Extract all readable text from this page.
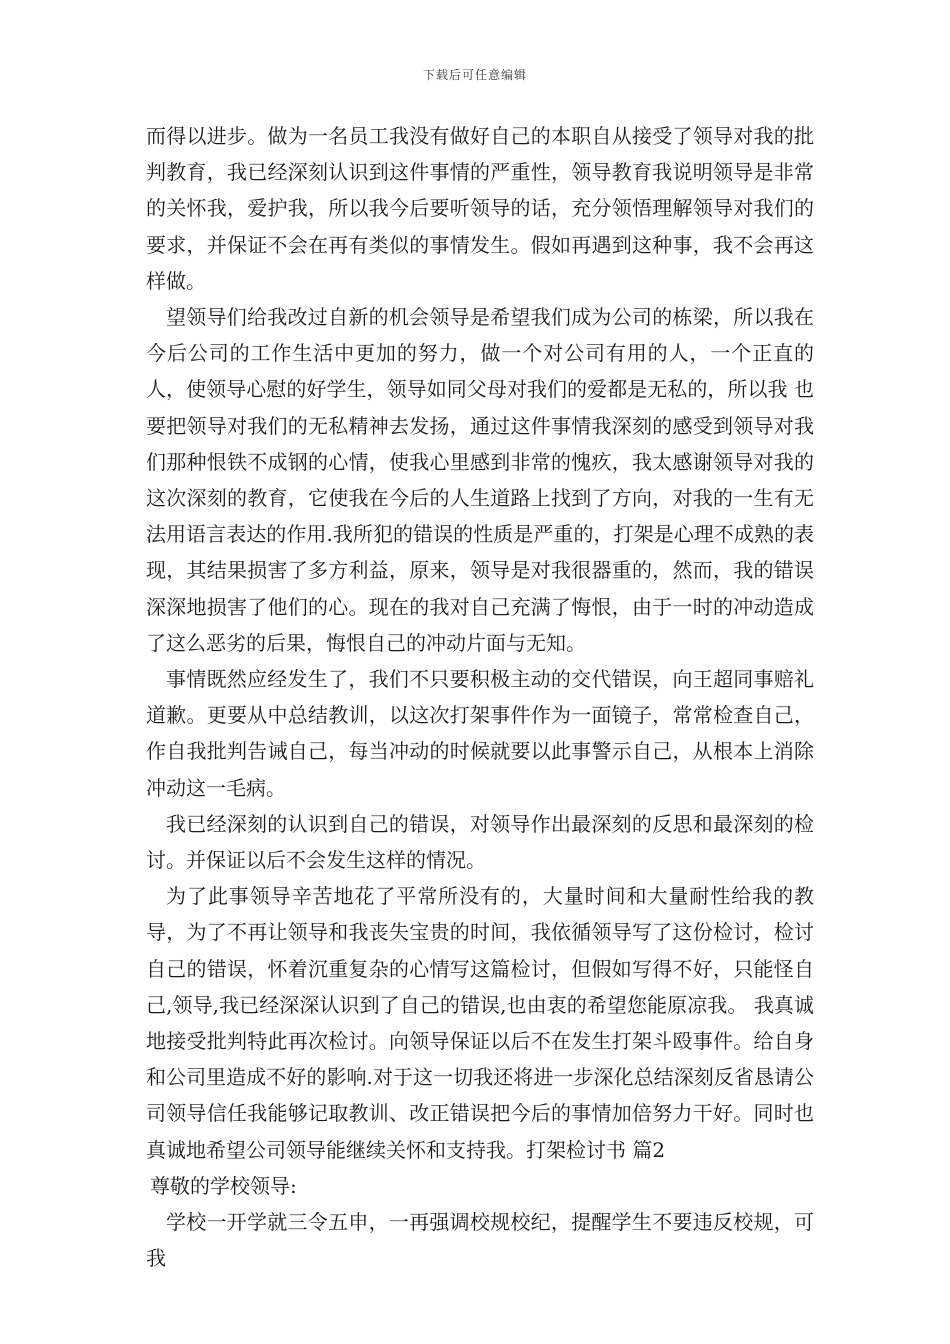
下载后可任意编辑

而得以进步。做为一名员工我没有做好自己的本职自从接受了领导对我的批判教育，我已经深刻认识到这件事情的严重性，领导教育我说明领导是非常的关怀我，爱护我，所以我今后要听领导的话，充分领悟理解领导对我们的要求，并保证不会在再有类似的事情发生。假如再遇到这种事，我不会再这样做。

望领导们给我改过自新的机会领导是希望我们成为公司的栋梁，所以我在今后公司的工作生活中更加的努力，做一个对公司有用的人，一个正直的人，使领导心慰的好学生，领导如同父母对我们的爱都是无私的，所以我 也要把领导对我们的无私精神去发扬，通过这件事情我深刻的感受到领导对我们那种恨铁不成钢的心情，使我心里感到非常的愧疚，我太感谢领导对我的这次深刻的教育，它使我在今后的人生道路上找到了方向，对我的一生有无法用语言表达的作用.我所犯的错误的性质是严重的，打架是心理不成熟的表现，其结果损害了多方利益，原来，领导是对我很器重的，然而，我的错误深深地损害了他们的心。现在的我对自己充满了悔恨，由于一时的冲动造成了这么恶劣的后果，悔恨自己的冲动片面与无知。

事情既然应经发生了，我们不只要积极主动的交代错误，向王超同事赔礼道歉。更要从中总结教训，以这次打架事件作为一面镜子，常常检查自己，作自我批判告诫自己，每当冲动的时候就要以此事警示自己，从根本上消除冲动这一毛病。

我已经深刻的认识到自己的错误，对领导作出最深刻的反思和最深刻的检讨。并保证以后不会发生这样的情况。

为了此事领导辛苦地花了平常所没有的，大量时间和大量耐性给我的教导，为了不再让领导和我丧失宝贵的时间，我依循领导写了这份检讨，检讨自己的错误，怀着沉重复杂的心情写这篇检讨，但假如写得不好，只能怪自己,领导,我已经深深认识到了自己的错误,也由衷的希望您能原凉我。 我真诚地接受批判特此再次检讨。向领导保证以后不在发生打架斗殴事件。给自身和公司里造成不好的影响.对于这一切我还将进一步深化总结深刻反省恳请公司领导信任我能够记取教训、改正错误把今后的事情加倍努力干好。同时也真诚地希望公司领导能继续关怀和支持我。打架检讨书 篇2

尊敬的学校领导:

学校一开学就三令五申，一再强调校规校纪，提醒学生不要违反校规，可我
